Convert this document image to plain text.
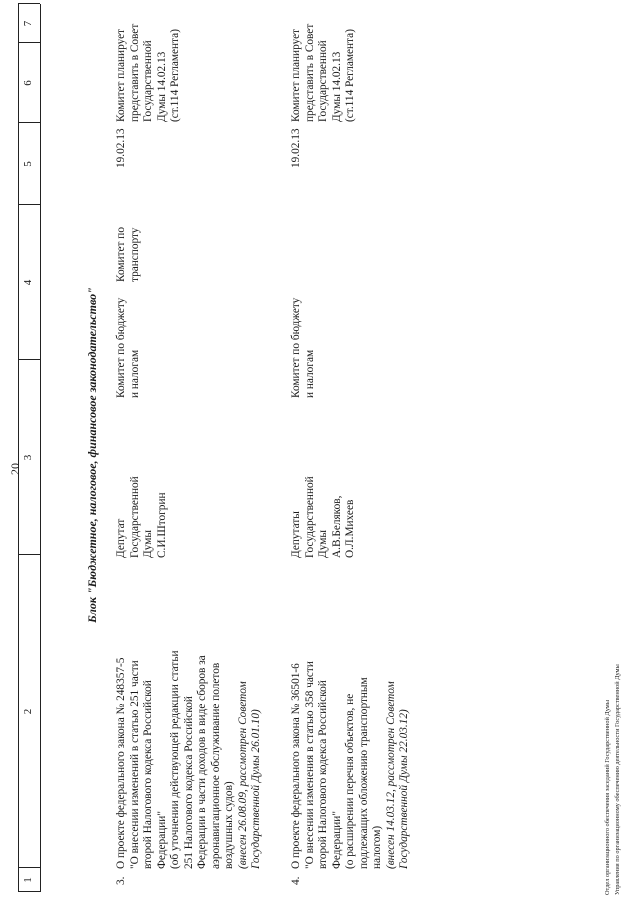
20
1
2
3
4
5
6
7
Блок "Бюджетное, налоговое, финансовое законодательство"
3.
О проекте федерального закона № 248357-5 "О внесении изменений в статью 251 части второй Налогового кодекса Российской Федерации" (об уточнении действующей редакции статьи 251 Налогового кодекса Российской Федерации в части доходов в виде сборов за аэронавигационное обслуживание полетов воздушных судов) (внесен 26.08.09, рассмотрен Советом Государственной Думы 26.01.10)
Депутат Государственной Думы С.И.Штогрин
Комитет по бюджету и налогам
Комитет по транспорту
19.02.13
Комитет планирует представить в Совет Государственной Думы 14.02.13 (ст.114 Регламента)
4.
О проекте федерального закона № 36501-6 "О внесении изменения в статью 358 части второй Налогового кодекса Российской Федерации" (о расширении перечня объектов, не подлежащих обложению транспортным налогом) (внесен 14.03.12, рассмотрен Советом Государственной Думы 22.03.12)
Депутаты Государственной Думы А.В.Беляков, О.Л.Михеев
Комитет по бюджету и налогам
19.02.13
Комитет планирует представить в Совет Государственной Думы 14.02.13 (ст.114 Регламента)
Отдел организационного обеспечения заседаний Государственной Думы Управления по организационному обеспечению деятельности Государственной Думы
